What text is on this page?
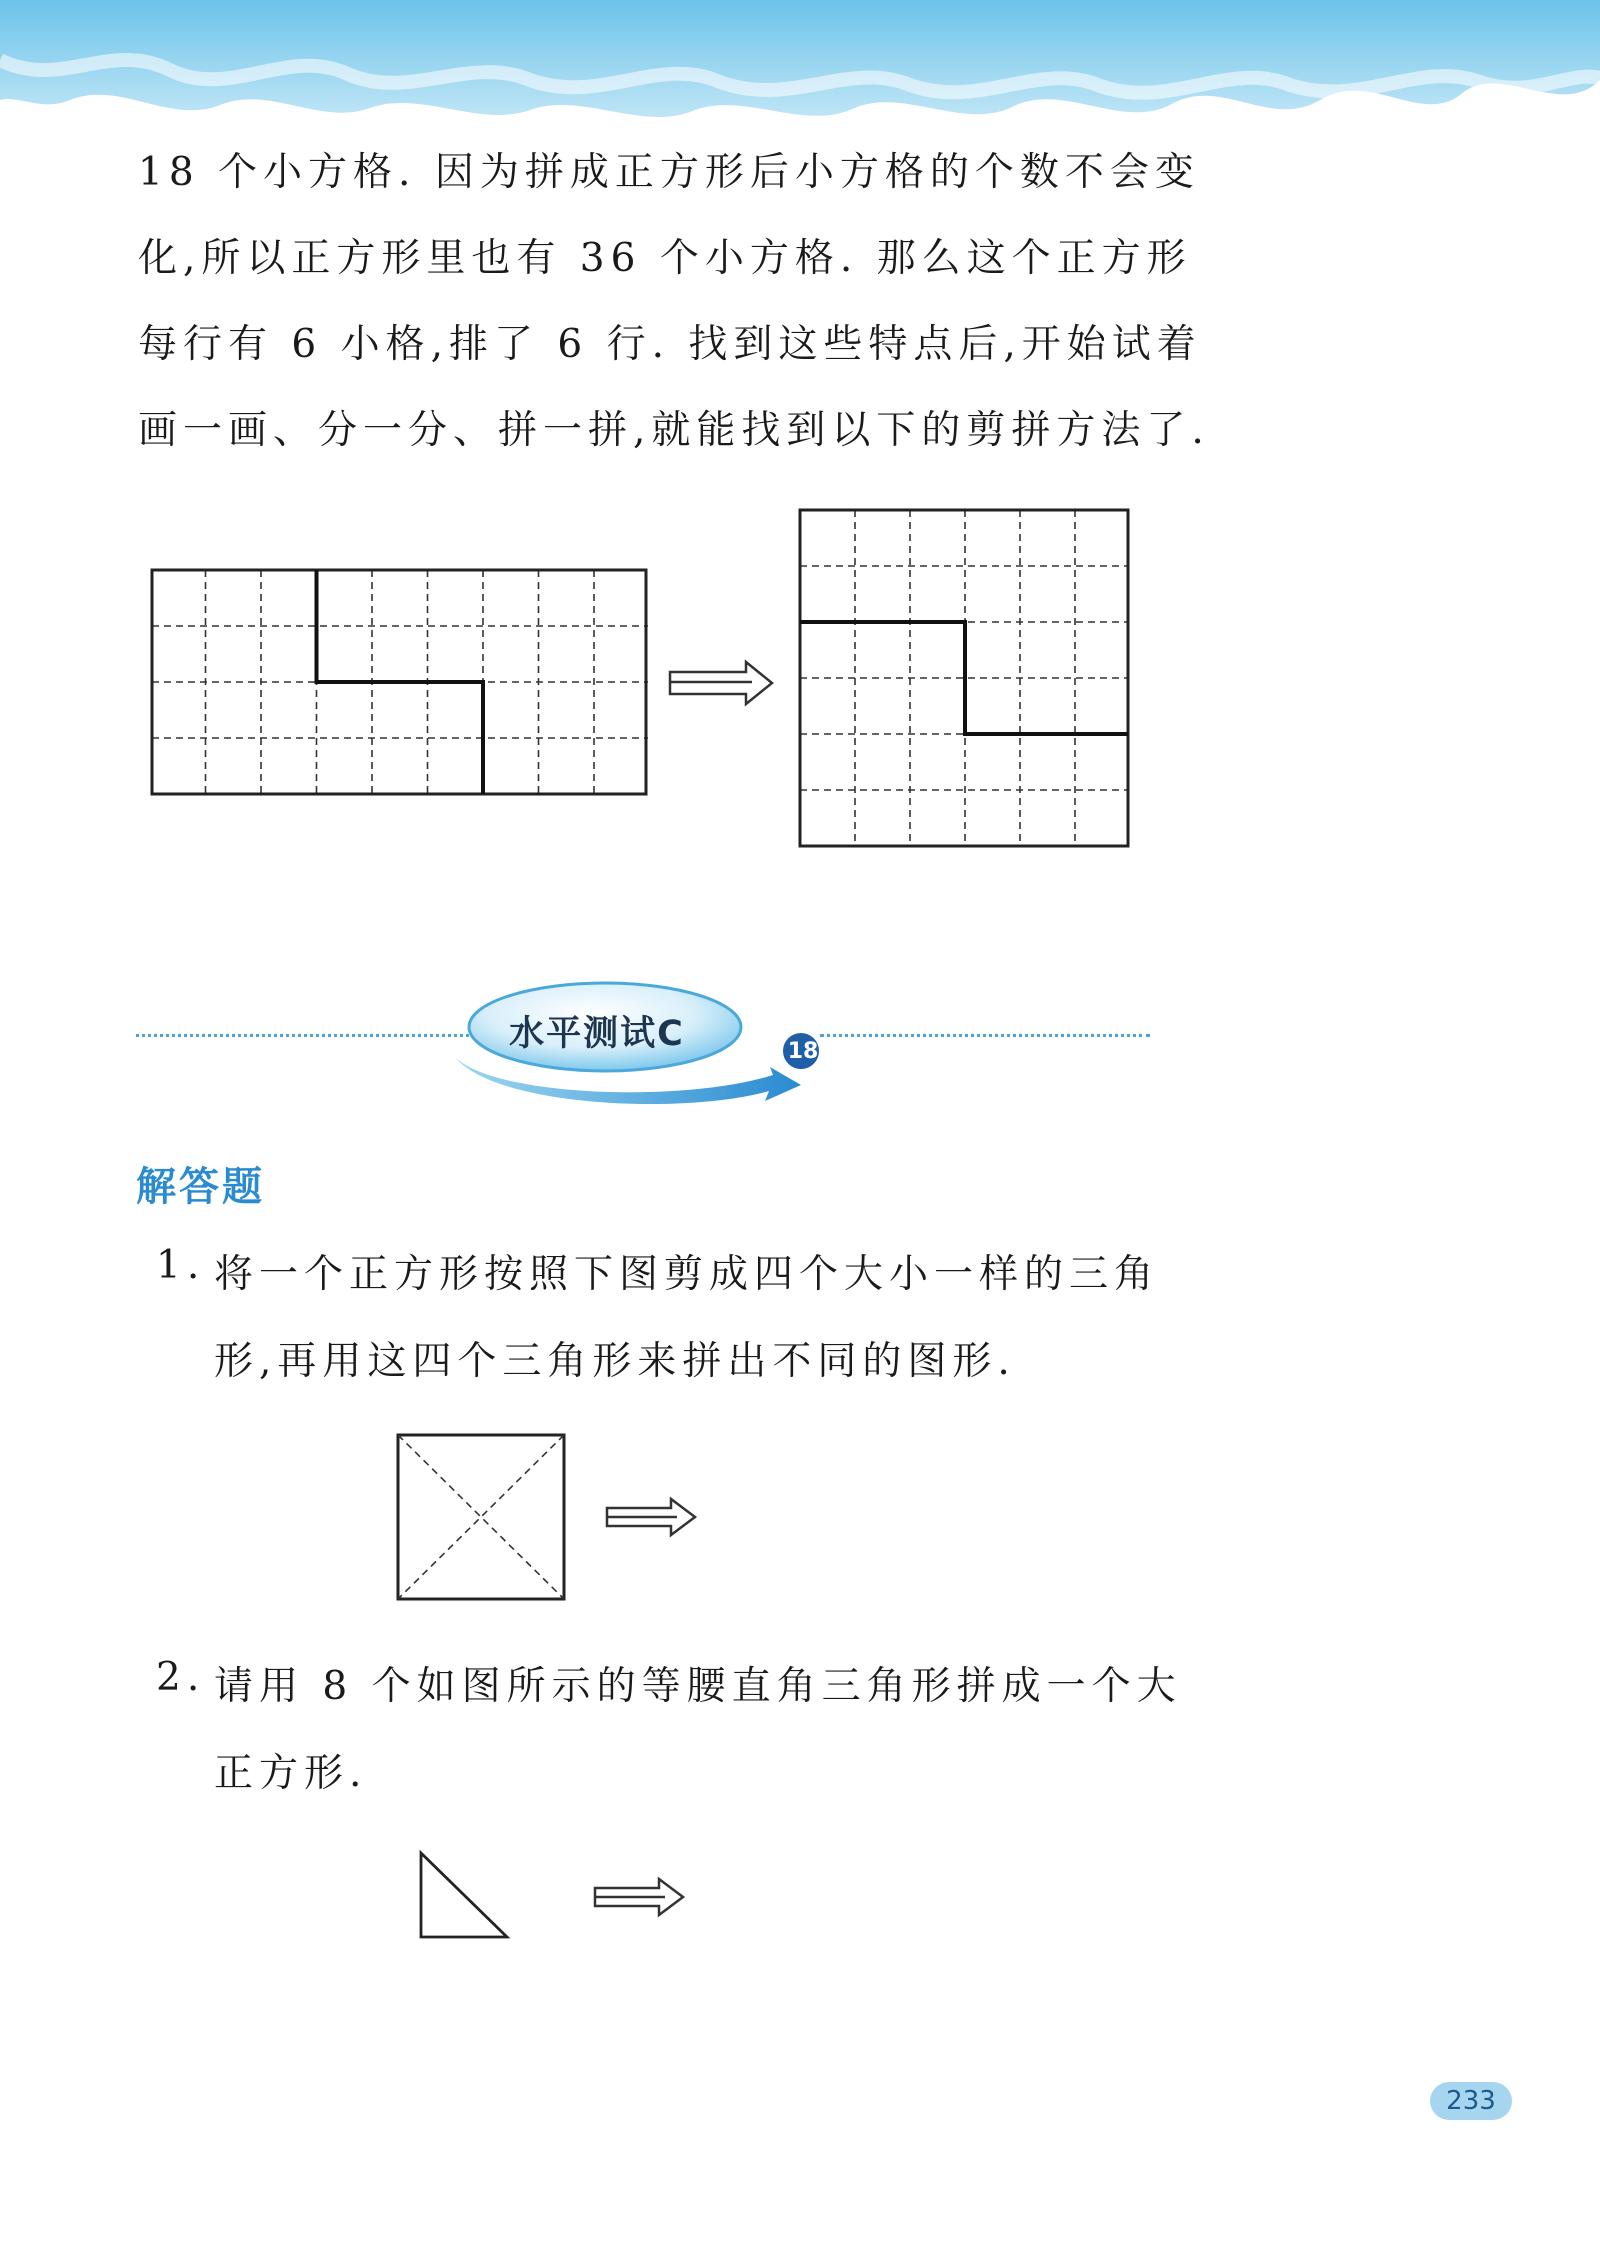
18 个小方格. 因为拼成正方形后小方格的个数不会变
化,所以正方形里也有 36 个小方格. 那么这个正方形
每行有 6 小格,排了 6 行. 找到这些特点后,开始试着
画一画、分一分、拼一拼,就能找到以下的剪拼方法了.
水平测试C	18
解答题
1. 将一个正方形按照下图剪成四个大小一样的三角
形,再用这四个三角形来拼出不同的图形.
2. 请用 8 个如图所示的等腰直角三角形拼成一个大
正方形.
233
